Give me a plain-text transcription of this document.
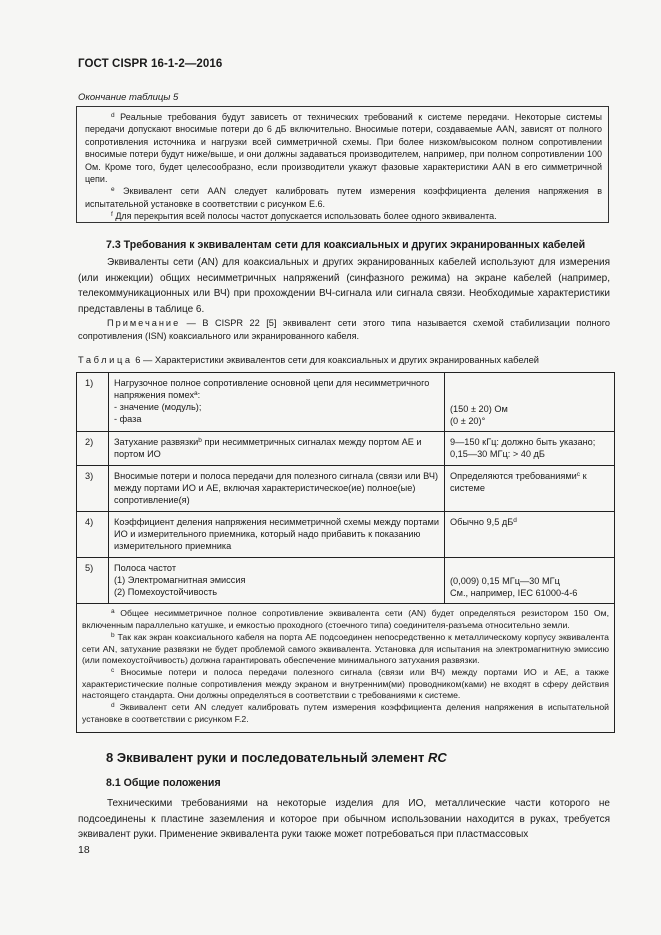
ГОСТ CISPR 16-1-2—2016
Окончание таблицы 5

$^d$ Реальные требования будут зависеть от технических требований к системе передачи. Некоторые системы передачи допускают вносимые потери до 6 дБ включительно. Вносимые потери, создаваемые AAN, зависят от полного сопротивления источника и нагрузки всей симметричной схемы. При более низком/высоком полном сопротивлении вносимые потери будут ниже/выше, и они должны задаваться производителем, например, при полном сопротивлении 100 Ом. Кроме того, будет целесообразно, если производители укажут фазовые характеристики AAN в его симметричной цепи.

$^e$ Эквивалент сети AAN следует калибровать путем измерения коэффициента деления напряжения в испытательной установке в соответствии с рисунком Е.6.

$^f$ Для перекрытия всей полосы частот допускается использовать более одного эквивалента.

7.3 Требования к эквивалентам сети для коаксиальных и других экранированных кабелей

Эквиваленты сети (AN) для коаксиальных и других экранированных кабелей используют для измерения (или инжекции) общих несимметричных напряжений (синфазного режима) на экране кабелей (например, телекоммуникационных или ВЧ) при прохождении ВЧ-сигнала или сигнала связи. Необходимые характеристики представлены в таблице 6.

Примечание — В CISPR 22 [5] эквивалент сети этого типа называется схемой стабилизации полного сопротивления (ISN) коаксиального или экранированного кабеля.

Таблица 6 — Характеристики эквивалентов сети для коаксиальных и других экранированных кабелей
1)	Нагрузочное полное сопротивление основной цепи для несимметричного напряжения помех$^а$:
- значение (модуль);
- фаза	(150 ± 20) Ом
(0 ± 20)°

2)	Затухание развязки$^b$ при несимметричных сигналах между портом АЕ и портом ИО	9—150 кГц: должно быть указано; 0,15—30 МГц: > 40 дБ
3)	Вносимые потери и полоса передачи для полезного сигнала (связи или ВЧ) между портами ИО и АЕ, включая характеристическое(ие) полное(ые) сопротивление(я)	Определяются требованиями$^c$ к системе
4)	Коэффициент деления напряжения несимметричной схемы между портами ИО и измерительного приемника, который надо прибавить к показанию измерительного приемника	Обычно 9,5 $дБ^d$
5)	Полоса частот
(1) Электромагнитная эмиссия
(2) Помехоустойчивость	(0,009) 0,15 МГц—30 МГц
См., например, IEC 61000-4-6

$^а$ Общее несимметричное полное сопротивление эквивалента сети (AN) будет определяться резистором 150 Ом, включенным параллельно катушке, и емкостью проходного (стоечного типа) соединителя-разъема относительно земли.

$^b$ Так как экран коаксиального кабеля на порта АЕ подсоединен непосредственно к металлическому корпусу эквивалента сети AN, затухание развязки не будет проблемой самого эквивалента. Установка для испытания на электромагнитную эмиссию (или помехоустойчивость) должна гарантировать обеспечение минимального затухания развязки.

$^c$ Вносимые потери и полоса передачи полезного сигнала (связи или ВЧ) между портами ИО и АЕ, а также характеристические полные сопротивления между экраном и внутренним(ми) проводником(ками) не входят в сферу действия настоящего стандарта. Они должны определяться в соответствии с требованиями к системе.

$^d$ Эквивалент сети AN следует калибровать путем измерения коэффициента деления напряжения в испытательной установке в соответствии с рисунком F.2.		

8 Эквивалент руки и последовательный элемент RC
8.1 Общие положения

Техническими требованиями на некоторые изделия для ИО, металлические части которого не подсоединены к пластине заземления и которое при обычном использовании находится в руках, требуется эквивалент руки. Применение эквивалента руки также может потребоваться при пластмассовых

18
